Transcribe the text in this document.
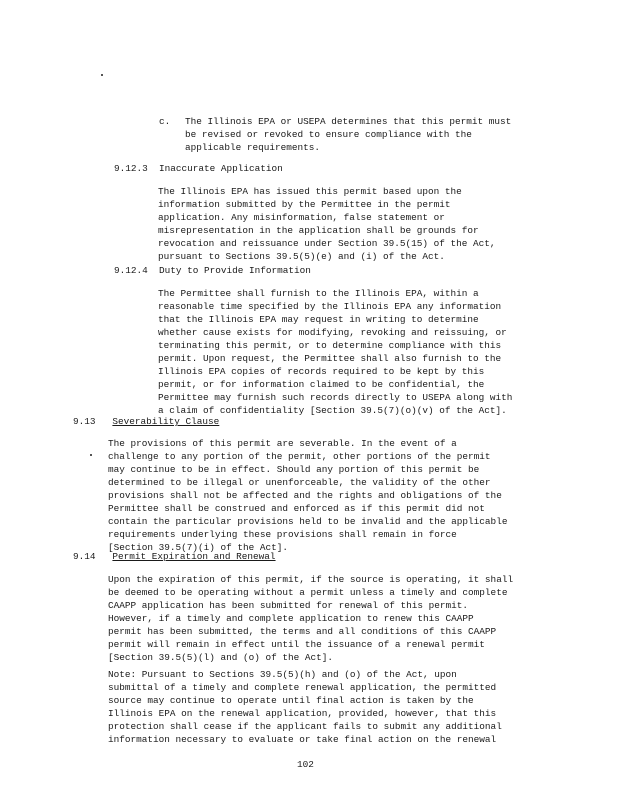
c. The Illinois EPA or USEPA determines that this permit must
be revised or revoked to ensure compliance with the
applicable requirements.
9.12.3 Inaccurate Application
The Illinois EPA has issued this permit based upon the
information submitted by the Permittee in the permit
application. Any misinformation, false statement or
misrepresentation in the application shall be grounds for
revocation and reissuance under Section 39.5(15) of the Act,
pursuant to Sections 39.5(5)(e) and (i) of the Act.
9.12.4 Duty to Provide Information
The Permittee shall furnish to the Illinois EPA, within a
reasonable time specified by the Illinois EPA any information
that the Illinois EPA may request in writing to determine
whether cause exists for modifying, revoking and reissuing, or
terminating this permit, or to determine compliance with this
permit. Upon request, the Permittee shall also furnish to the
Illinois EPA copies of records required to be kept by this
permit, or for information claimed to be confidential, the
Permittee may furnish such records directly to USEPA along with
a claim of confidentiality [Section 39.5(7)(o)(v) of the Act].
9.13 Severability Clause
The provisions of this permit are severable. In the event of a
challenge to any portion of the permit, other portions of the permit
may continue to be in effect. Should any portion of this permit be
determined to be illegal or unenforceable, the validity of the other
provisions shall not be affected and the rights and obligations of the
Permittee shall be construed and enforced as if this permit did not
contain the particular provisions held to be invalid and the applicable
requirements underlying these provisions shall remain in force
[Section 39.5(7)(i) of the Act].
9.14 Permit Expiration and Renewal
Upon the expiration of this permit, if the source is operating, it shall
be deemed to be operating without a permit unless a timely and complete
CAAPP application has been submitted for renewal of this permit.
However, if a timely and complete application to renew this CAAPP
permit has been submitted, the terms and all conditions of this CAAPP
permit will remain in effect until the issuance of a renewal permit
[Section 39.5(5)(l) and (o) of the Act].
Note: Pursuant to Sections 39.5(5)(h) and (o) of the Act, upon
submittal of a timely and complete renewal application, the permitted
source may continue to operate until final action is taken by the
Illinois EPA on the renewal application, provided, however, that this
protection shall cease if the applicant fails to submit any additional
information necessary to evaluate or take final action on the renewal
102
